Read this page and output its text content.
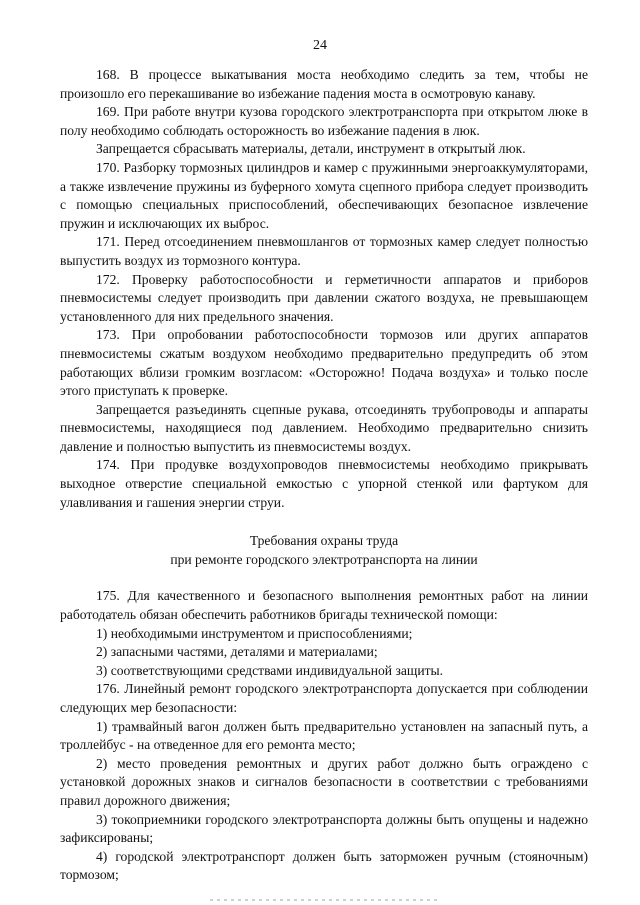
24

168. В процессе выкатывания моста необходимо следить за тем, чтобы не произошло его перекашивание во избежание падения моста в осмотровую канаву.

169. При работе внутри кузова городского электротранспорта при открытом люке в полу необходимо соблюдать осторожность во избежание падения в люк.

Запрещается сбрасывать материалы, детали, инструмент в открытый люк.

170. Разборку тормозных цилиндров и камер с пружинными энергоаккумуляторами, а также извлечение пружины из буферного хомута сцепного прибора следует производить с помощью специальных приспособлений, обеспечивающих безопасное извлечение пружин и исключающих их выброс.

171. Перед отсоединением пневмошлангов от тормозных камер следует полностью выпустить воздух из тормозного контура.

172. Проверку работоспособности и герметичности аппаратов и приборов пневмосистемы следует производить при давлении сжатого воздуха, не превышающем установленного для них предельного значения.

173. При опробовании работоспособности тормозов или других аппаратов пневмосистемы сжатым воздухом необходимо предварительно предупредить об этом работающих вблизи громким возгласом: «Осторожно! Подача воздуха» и только после этого приступать к проверке.

Запрещается разъединять сцепные рукава, отсоединять трубопроводы и аппараты пневмосистемы, находящиеся под давлением. Необходимо предварительно снизить давление и полностью выпустить из пневмосистемы воздух.

174. При продувке воздухопроводов пневмосистемы необходимо прикрывать выходное отверстие специальной емкостью с упорной стенкой или фартуком для улавливания и гашения энергии струи.

Требования охраны труда

при ремонте городского электротранспорта на линии

175. Для качественного и безопасного выполнения ремонтных работ на линии работодатель обязан обеспечить работников бригады технической помощи:

1) необходимыми инструментом и приспособлениями;

2) запасными частями, деталями и материалами;

3) соответствующими средствами индивидуальной защиты.

176. Линейный ремонт городского электротранспорта допускается при соблюдении следующих мер безопасности:

1) трамвайный вагон должен быть предварительно установлен на запасный путь, а троллейбус - на отведенное для его ремонта место;

2) место проведения ремонтных и других работ должно быть ограждено с установкой дорожных знаков и сигналов безопасности в соответствии с требованиями правил дорожного движения;

3) токоприемники городского электротранспорта должны быть опущены и надежно зафиксированы;

4) городской электротранспорт должен быть заторможен ручным (стояночным) тормозом;
